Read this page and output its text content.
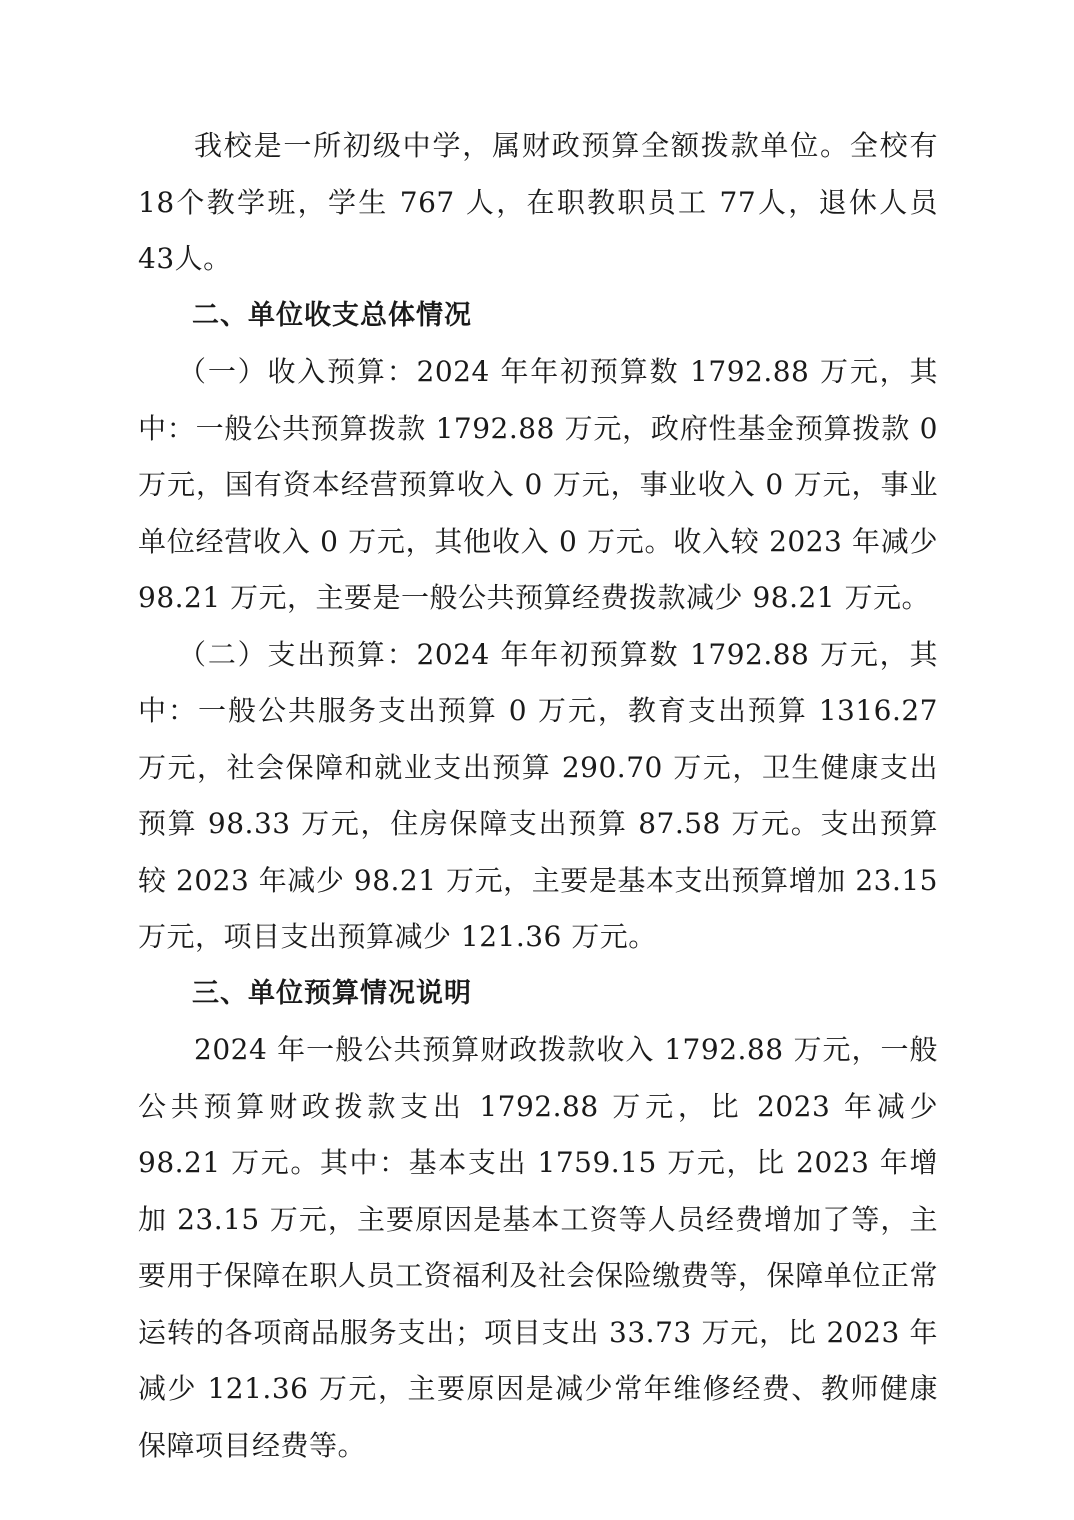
我校是一所初级中学，属财政预算全额拨款单位。全校有18个教学班，学生 767 人，在职教职员工 77人，退休人员 43人。

二、单位收支总体情况

（一）收入预算：2024 年年初预算数 1792.88 万元，其中：一般公共预算拨款 1792.88 万元，政府性基金预算拨款 0 万元，国有资本经营预算收入 0 万元，事业收入 0 万元，事业单位经营收入 0 万元，其他收入 0 万元。收入较 2023 年减少 98.21 万元，主要是一般公共预算经费拨款减少 98.21 万元。

（二）支出预算：2024 年年初预算数 1792.88 万元，其中：一般公共服务支出预算 0 万元，教育支出预算 1316.27 万元，社会保障和就业支出预算 290.70 万元，卫生健康支出预算 98.33 万元，住房保障支出预算 87.58 万元。支出预算较 2023 年减少 98.21 万元，主要是基本支出预算增加 23.15 万元，项目支出预算减少 121.36 万元。

三、单位预算情况说明

2024 年一般公共预算财政拨款收入 1792.88 万元，一般公共预算财政拨款支出 1792.88 万元，比 2023 年减少 98.21 万元。其中：基本支出 1759.15 万元，比 2023 年增加 23.15 万元，主要原因是基本工资等人员经费增加了等，主要用于保障在职人员工资福利及社会保险缴费等，保障单位正常运转的各项商品服务支出；项目支出 33.73 万元，比 2023 年减少 121.36 万元，主要原因是减少常年维修经费、教师健康保障项目经费等。
